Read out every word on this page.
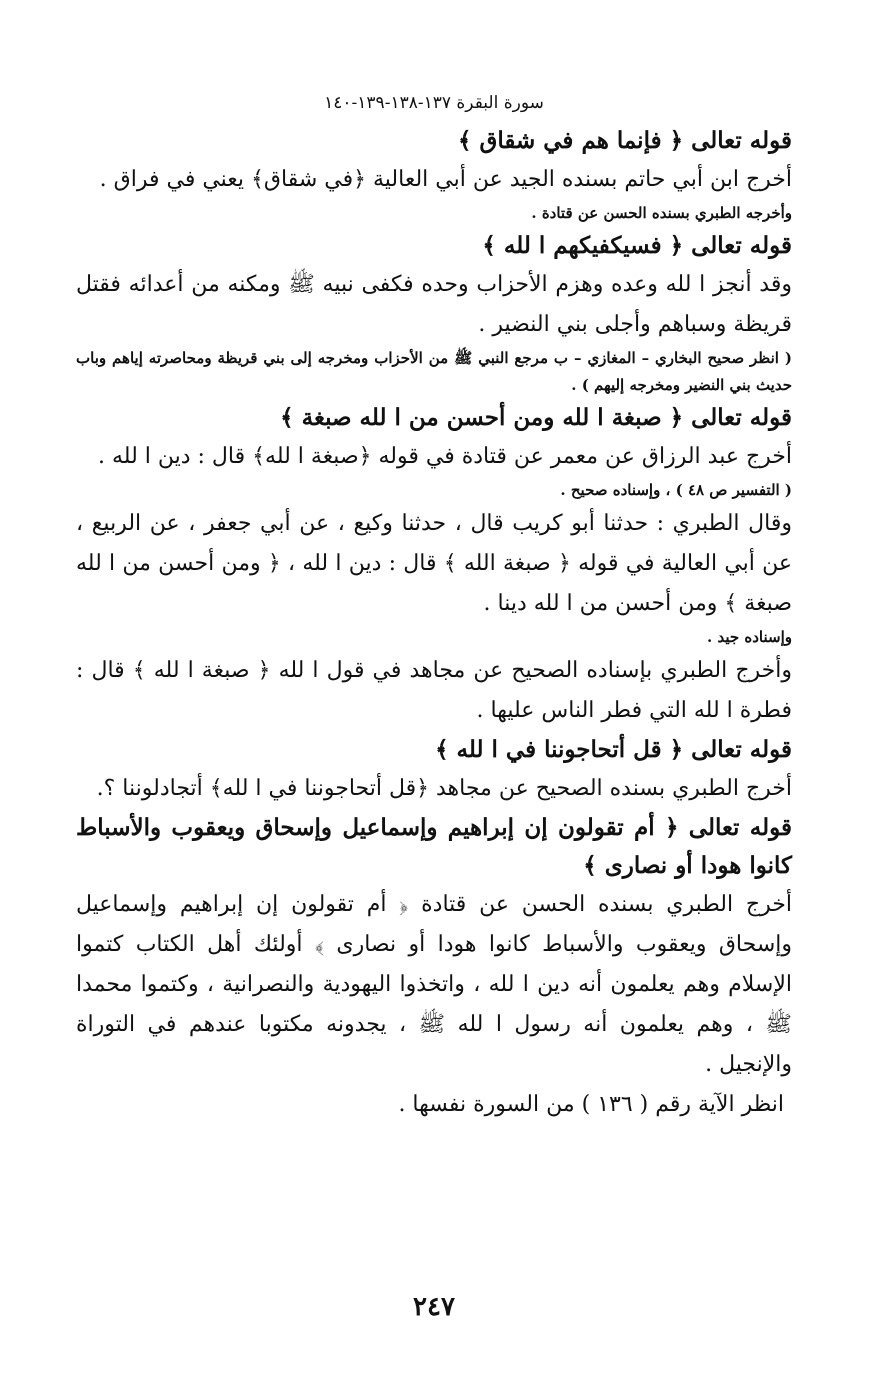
سورة البقرة ١٣٧-١٣٨-١٣٩-١٤٠
قوله تعالى ﴿ فإنما هم في شقاق ﴾
أخرج ابن أبي حاتم بسنده الجيد عن أبي العالية ﴿في شقاق﴾ يعني في فراق .
وأخرجه الطبري بسنده الحسن عن قتادة .
قوله تعالى ﴿ فسيكفيكهم ا لله ﴾
وقد أنجز ا لله وعده وهزم الأحزاب وحده فكفى نبيه ﷺ ومكنه من أعدائه فقتل قريظة وسباهم وأجلى بني النضير .
( انظر صحيح البخاري – المغازي – ب مرجع النبي ﷺ من الأحزاب ومخرجه إلى بني قريظة ومحاصرته إياهم وباب حديث بني النضير ومخرجه إليهم ) .
قوله تعالى ﴿ صبغة ا لله ومن أحسن من ا لله صبغة ﴾
أخرج عبد الرزاق عن معمر عن قتادة في قوله ﴿صبغة ا لله﴾ قال : دين ا لله .
( التفسير ص ٤٨ ) ، وإسناده صحيح .
وقال الطبري : حدثنا أبو كريب قال ، حدثنا وكيع ، عن أبي جعفر ، عن الربيع ، عن أبي العالية في قوله ﴿ صبغة الله ﴾ قال : دين ا لله ، ﴿ ومن أحسن من ا لله صبغة ﴾ ومن أحسن من ا لله دينا .
وإسناده جيد .
وأخرج الطبري بإسناده الصحيح عن مجاهد في قول ا لله ﴿ صبغة ا لله ﴾ قال : فطرة ا لله التي فطر الناس عليها .
قوله تعالى ﴿ قل أتحاجوننا في ا لله ﴾
أخرج الطبري بسنده الصحيح عن مجاهد ﴿قل أتحاجوننا في ا لله﴾ أتجادلوننا ؟.
قوله تعالى ﴿ أم تقولون إن إبراهيم وإسماعيل وإسحاق ويعقوب والأسباط كانوا هودا أو نصارى ﴾
أخرج الطبري بسنده الحسن عن قتادة ﴿ أم تقولون إن إبراهيم وإسماعيل وإسحاق ويعقوب والأسباط كانوا هودا أو نصارى ﴾ أولئك أهل الكتاب كتموا الإسلام وهم يعلمون أنه دين ا لله ، واتخذوا اليهودية والنصرانية ، وكتموا محمدا ﷺ ، وهم يعلمون أنه رسول ا لله ﷺ ، يجدونه مكتوبا عندهم في التوراة والإنجيل .
انظر الآية رقم ( ١٣٦ ) من السورة نفسها .
٢٤٧
